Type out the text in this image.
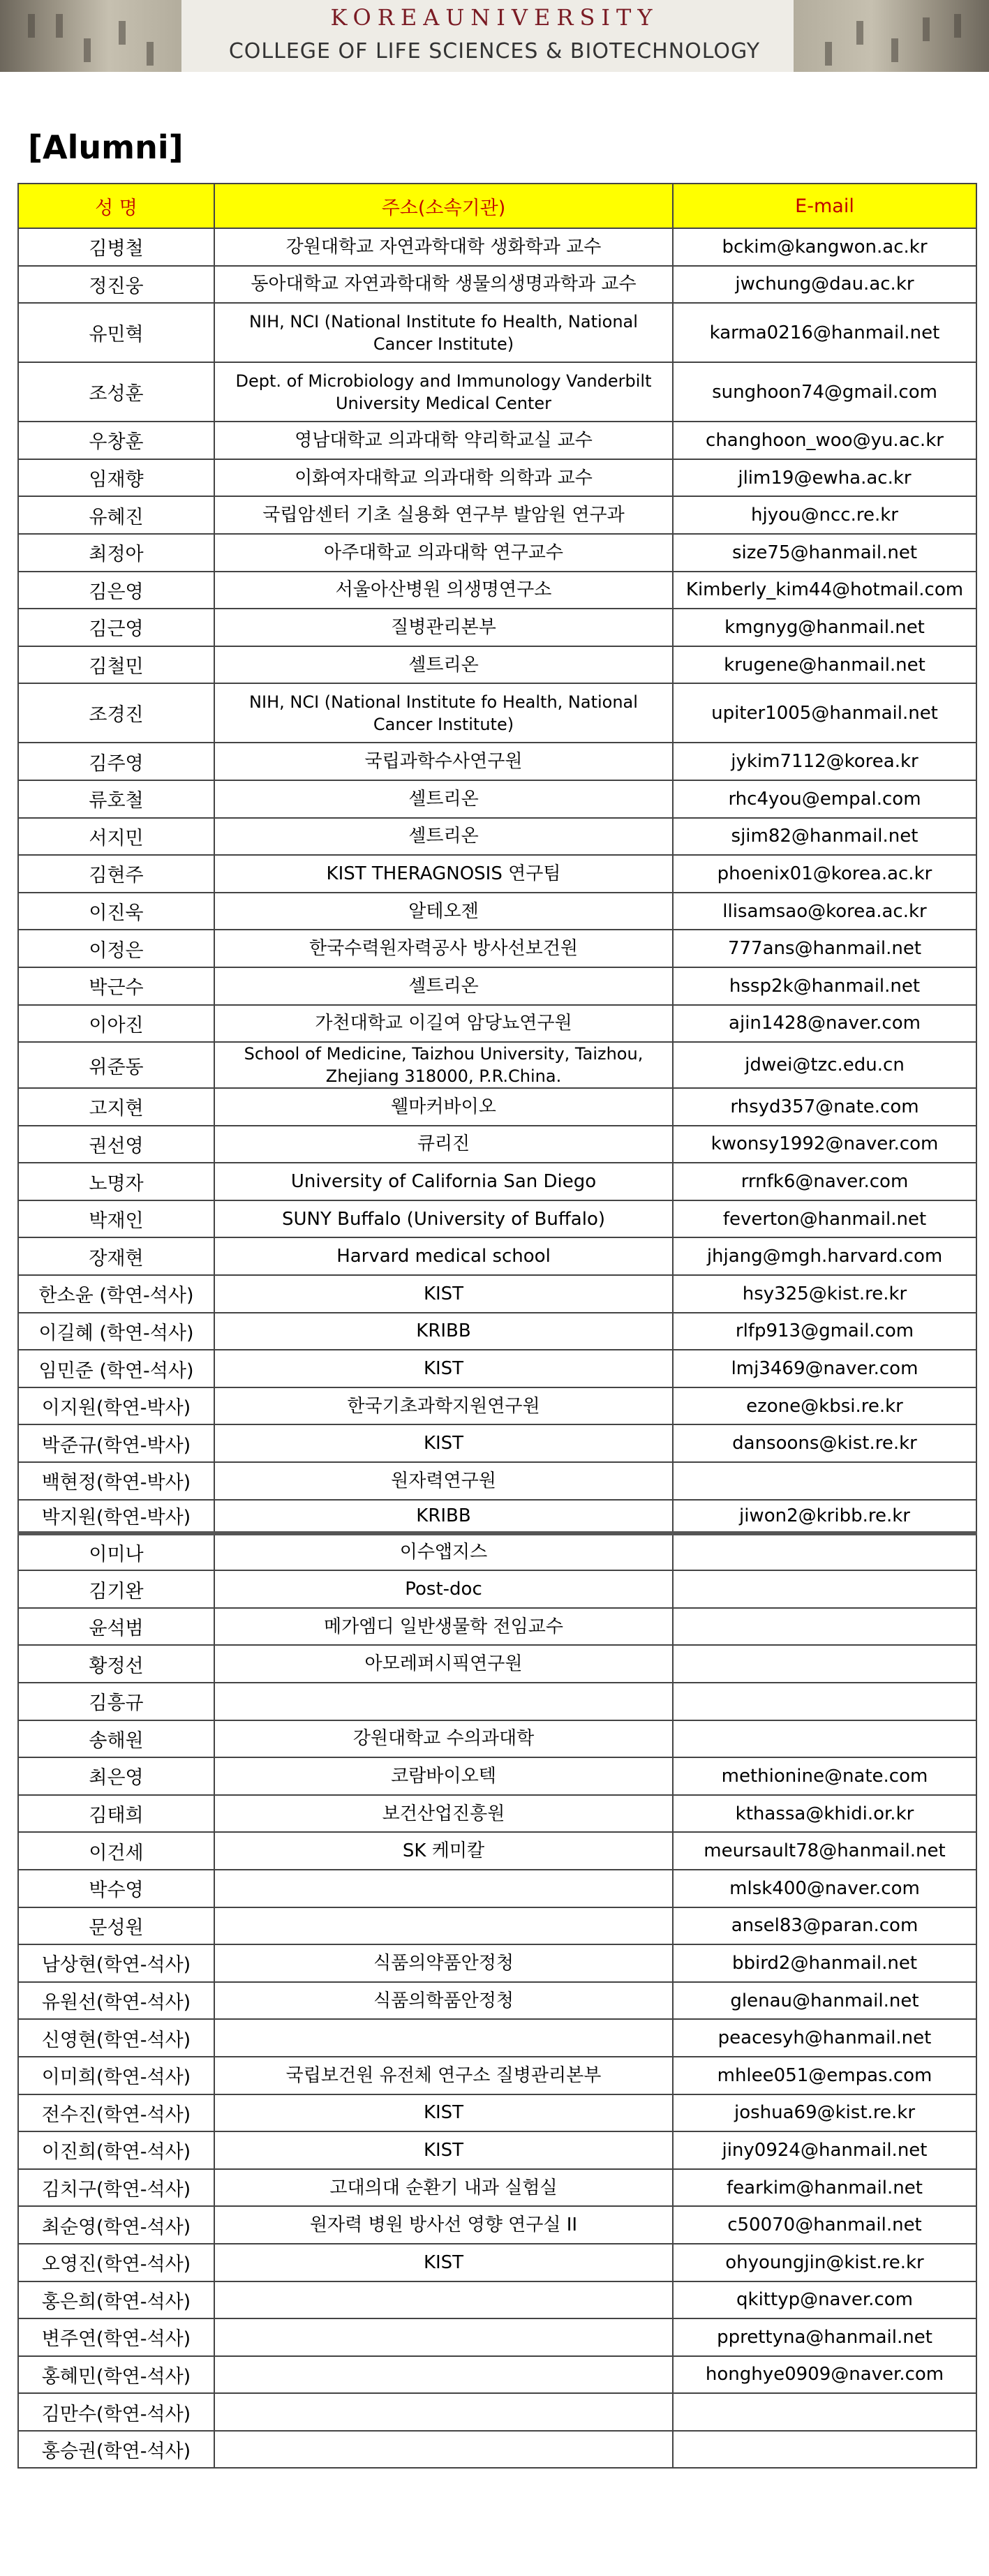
KOREAUNIVERSITY
COLLEGE OF LIFE SCIENCES & BIOTECHNOLOGY
[Alumni]
성 명	주소(소속기관)	E-mail
김병철	강원대학교 자연과학대학 생화학과 교수	bckim@kangwon.ac.kr
정진웅	동아대학교 자연과학대학 생물의생명과학과 교수	jwchung@dau.ac.kr
유민혁	NIH, NCI (National Institute fo Health, National Cancer Institute)	karma0216@hanmail.net
조성훈	Dept. of Microbiology and Immunology Vanderbilt University Medical Center	sunghoon74@gmail.com
우창훈	영남대학교 의과대학 약리학교실 교수	changhoon_woo@yu.ac.kr
임재향	이화여자대학교 의과대학 의학과 교수	jlim19@ewha.ac.kr
유혜진	국립암센터 기초 실용화 연구부 발암원 연구과	hjyou@ncc.re.kr
최정아	아주대학교 의과대학 연구교수	size75@hanmail.net
김은영	서울아산병원 의생명연구소	Kimberly_kim44@hotmail.com
김근영	질병관리본부	kmgnyg@hanmail.net
김철민	셀트리온	krugene@hanmail.net
조경진	NIH, NCI (National Institute fo Health, National Cancer Institute)	upiter1005@hanmail.net
김주영	국립과학수사연구원	jykim7112@korea.kr
류호철	셀트리온	rhc4you@empal.com
서지민	셀트리온	sjim82@hanmail.net
김현주	KIST THERAGNOSIS 연구팀	phoenix01@korea.ac.kr
이진욱	알테오젠	llisamsao@korea.ac.kr
이정은	한국수력원자력공사 방사선보건원	777ans@hanmail.net
박근수	셀트리온	hssp2k@hanmail.net
이아진	가천대학교 이길여 암당뇨연구원	ajin1428@naver.com
위준동	School of Medicine, Taizhou University, Taizhou, Zhejiang 318000, P.R.China.	jdwei@tzc.edu.cn
고지현	웰마커바이오	rhsyd357@nate.com
권선영	큐리진	kwonsy1992@naver.com
노명자	University of California San Diego	rrnfk6@naver.com
박재인	SUNY Buffalo (University of Buffalo)	feverton@hanmail.net
장재현	Harvard medical school	jhjang@mgh.harvard.com
한소윤 (학연-석사)	KIST	hsy325@kist.re.kr
이길혜 (학연-석사)	KRIBB	rlfp913@gmail.com
임민준 (학연-석사)	KIST	lmj3469@naver.com
이지원(학연-박사)	한국기초과학지원연구원	ezone@kbsi.re.kr
박준규(학연-박사)	KIST	dansoons@kist.re.kr
백현정(학연-박사)	원자력연구원	
박지원(학연-박사)	KRIBB	jiwon2@kribb.re.kr
이미나	이수앱지스	
김기완	Post-doc	
윤석범	메가엠디 일반생물학 전임교수	
황정선	아모레퍼시픽연구원	
김흥규		
송해원	강원대학교 수의과대학	
최은영	코람바이오텍	methionine@nate.com
김태희	보건산업진흥원	kthassa@khidi.or.kr
이건세	SK 케미칼	meursault78@hanmail.net
박수영		mlsk400@naver.com
문성원		ansel83@paran.com
남상현(학연-석사)	식품의약품안정청	bbird2@hanmail.net
유원선(학연-석사)	식품의학품안정청	glenau@hanmail.net
신영현(학연-석사)		peacesyh@hanmail.net
이미희(학연-석사)	국립보건원 유전체 연구소 질병관리본부	mhlee051@empas.com
전수진(학연-석사)	KIST	joshua69@kist.re.kr
이진희(학연-석사)	KIST	jiny0924@hanmail.net
김치구(학연-석사)	고대의대 순환기 내과 실험실	fearkim@hanmail.net
최순영(학연-석사)	원자력 병원 방사선 영향 연구실 II	c50070@hanmail.net
오영진(학연-석사)	KIST	ohyoungjin@kist.re.kr
홍은희(학연-석사)		qkittyp@naver.com
변주연(학연-석사)		pprettyna@hanmail.net
홍혜민(학연-석사)		honghye0909@naver.com
김만수(학연-석사)		
홍승권(학연-석사)		
